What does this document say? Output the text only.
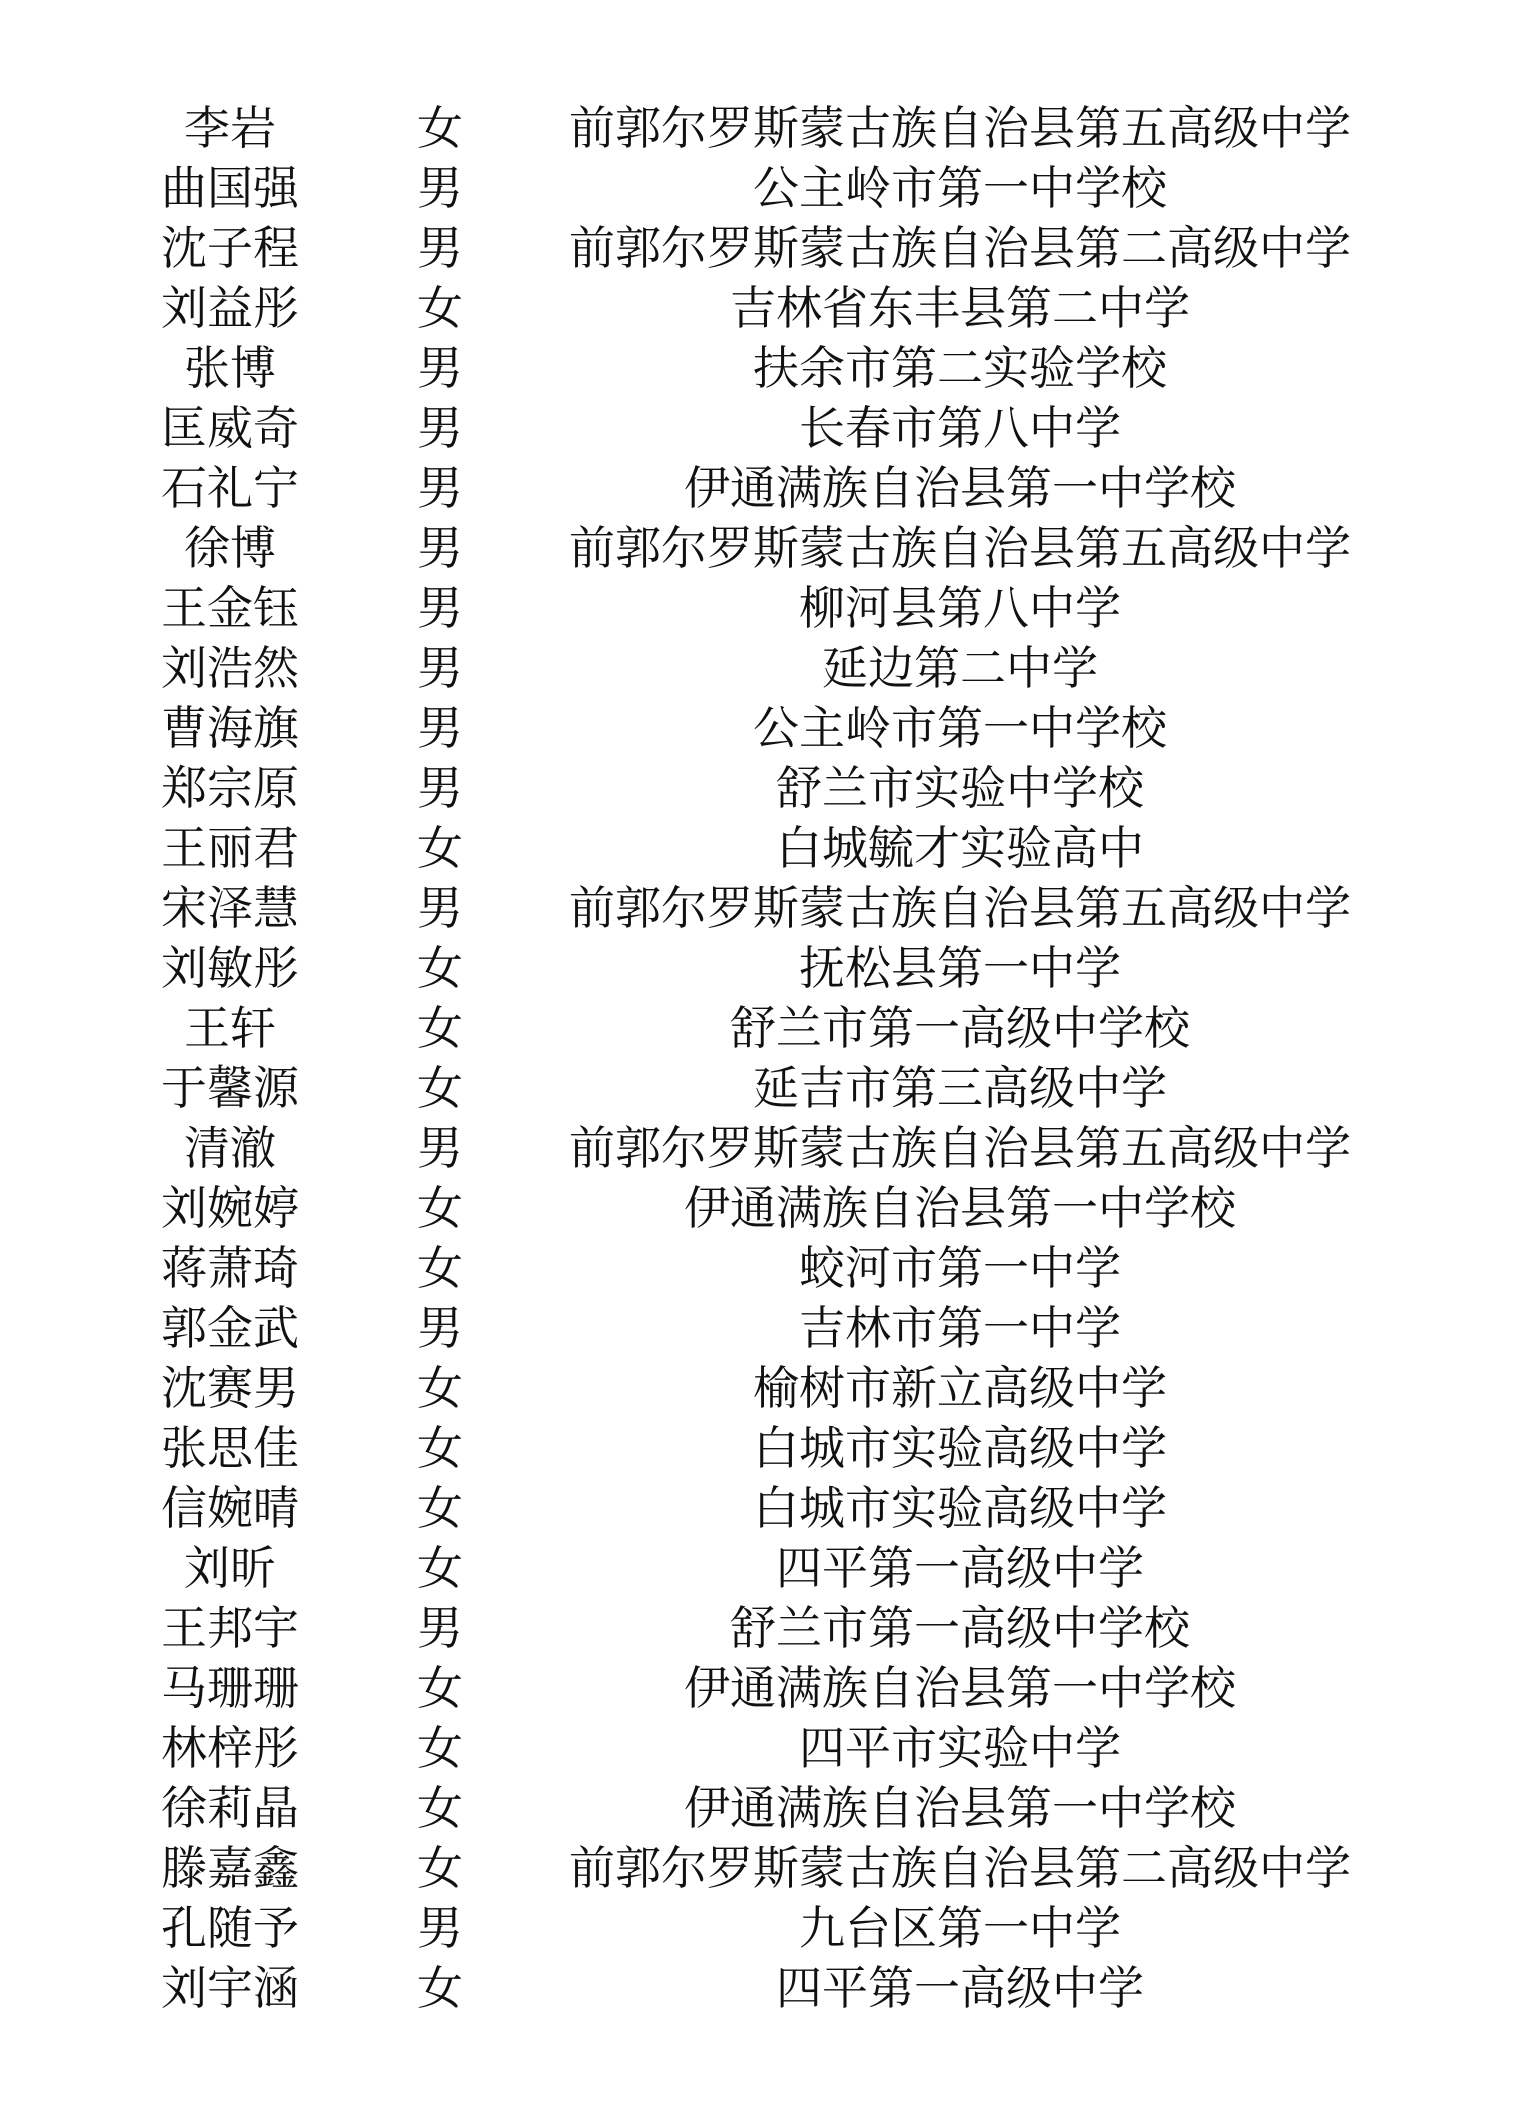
李岩	女	前郭尔罗斯蒙古族自治县第五高级中学
曲国强	男	公主岭市第一中学校
沈子程	男	前郭尔罗斯蒙古族自治县第二高级中学
刘益彤	女	吉林省东丰县第二中学
张博	男	扶余市第二实验学校
匡威奇	男	长春市第八中学
石礼宁	男	伊通满族自治县第一中学校
徐博	男	前郭尔罗斯蒙古族自治县第五高级中学
王金钰	男	柳河县第八中学
刘浩然	男	延边第二中学
曹海旗	男	公主岭市第一中学校
郑宗原	男	舒兰市实验中学校
王丽君	女	白城毓才实验高中
宋泽慧	男	前郭尔罗斯蒙古族自治县第五高级中学
刘敏彤	女	抚松县第一中学
王轩	女	舒兰市第一高级中学校
于馨源	女	延吉市第三高级中学
清澈	男	前郭尔罗斯蒙古族自治县第五高级中学
刘婉婷	女	伊通满族自治县第一中学校
蒋萧琦	女	蛟河市第一中学
郭金武	男	吉林市第一中学
沈赛男	女	榆树市新立高级中学
张思佳	女	白城市实验高级中学
信婉晴	女	白城市实验高级中学
刘昕	女	四平第一高级中学
王邦宇	男	舒兰市第一高级中学校
马珊珊	女	伊通满族自治县第一中学校
林梓彤	女	四平市实验中学
徐莉晶	女	伊通满族自治县第一中学校
滕嘉鑫	女	前郭尔罗斯蒙古族自治县第二高级中学
孔随予	男	九台区第一中学
刘宇涵	女	四平第一高级中学
